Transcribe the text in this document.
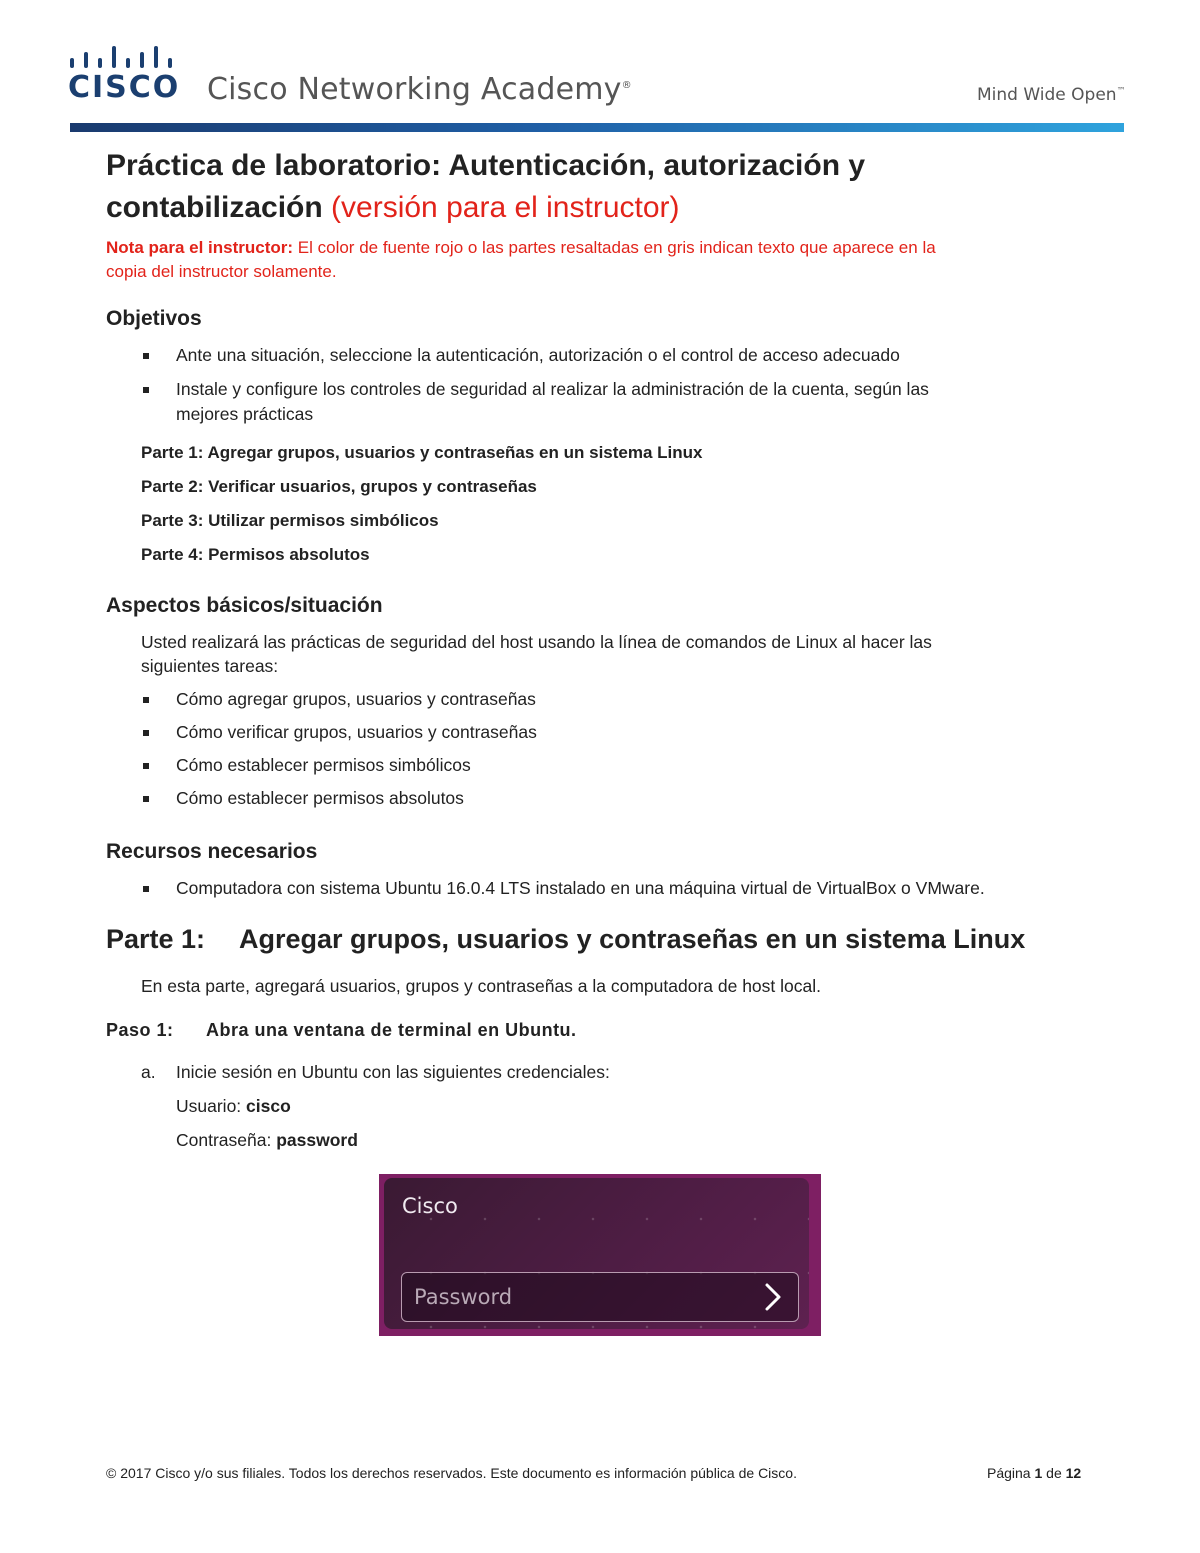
CISCO Cisco Networking Academy®	Mind Wide Open™
Práctica de laboratorio: Autenticación, autorización y
contabilización (versión para el instructor)
Nota para el instructor: El color de fuente rojo o las partes resaltadas en gris indican texto que aparece en la
copia del instructor solamente.
Objetivos
Ante una situación, seleccione la autenticación, autorización o el control de acceso adecuado
Instale y configure los controles de seguridad al realizar la administración de la cuenta, según las
mejores prácticas
Parte 1: Agregar grupos, usuarios y contraseñas en un sistema Linux
Parte 2: Verificar usuarios, grupos y contraseñas
Parte 3: Utilizar permisos simbólicos
Parte 4: Permisos absolutos
Aspectos básicos/situación
Usted realizará las prácticas de seguridad del host usando la línea de comandos de Linux al hacer las
siguientes tareas:
Cómo agregar grupos, usuarios y contraseñas
Cómo verificar grupos, usuarios y contraseñas
Cómo establecer permisos simbólicos
Cómo establecer permisos absolutos
Recursos necesarios
Computadora con sistema Ubuntu 16.0.4 LTS instalado en una máquina virtual de VirtualBox o VMware.
Parte 1: Agregar grupos, usuarios y contraseñas en un sistema Linux
En esta parte, agregará usuarios, grupos y contraseñas a la computadora de host local.
Paso 1: Abra una ventana de terminal en Ubuntu.
a. Inicie sesión en Ubuntu con las siguientes credenciales:
Usuario: cisco
Contraseña: password
Cisco
Password
© 2017 Cisco y/o sus filiales. Todos los derechos reservados. Este documento es información pública de Cisco.	Página 1 de 12
